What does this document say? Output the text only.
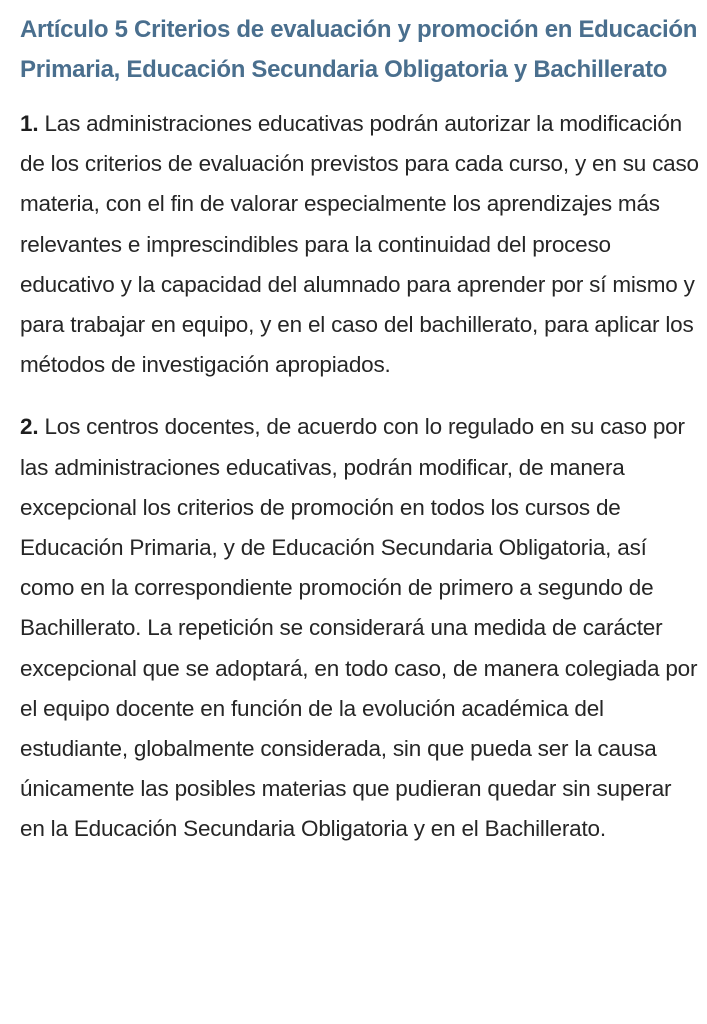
Artículo 5 Criterios de evaluación y promoción en Educación Primaria, Educación Secundaria Obligatoria y Bachillerato

1. Las administraciones educativas podrán autorizar la modificación de los criterios de evaluación previstos para cada curso, y en su caso materia, con el fin de valorar especialmente los aprendizajes más relevantes e imprescindibles para la continuidad del proceso educativo y la capacidad del alumnado para aprender por sí mismo y para trabajar en equipo, y en el caso del bachillerato, para aplicar los métodos de investigación apropiados.

2. Los centros docentes, de acuerdo con lo regulado en su caso por las administraciones educativas, podrán modificar, de manera excepcional los criterios de promoción en todos los cursos de Educación Primaria, y de Educación Secundaria Obligatoria, así como en la correspondiente promoción de primero a segundo de Bachillerato. La repetición se considerará una medida de carácter excepcional que se adoptará, en todo caso, de manera colegiada por el equipo docente en función de la evolución académica del estudiante, globalmente considerada, sin que pueda ser la causa únicamente las posibles materias que pudieran quedar sin superar en la Educación Secundaria Obligatoria y en el Bachillerato.
